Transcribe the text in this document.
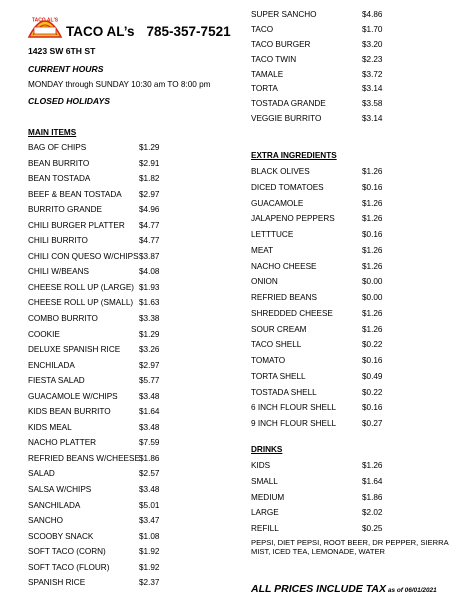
TACO AL'S
TACO AL’s 785-357-7521
1423 SW 6TH ST
CURRENT HOURS
MONDAY through SUNDAY 10:30 am TO 8:00 pm
CLOSED HOLIDAYS
MAIN ITEMS
BAG OF CHIPS	$1.29
BEAN BURRITO	$2.91
BEAN TOSTADA	$1.82
BEEF & BEAN TOSTADA $2.97
BURRITO GRANDE	$4.96
CHILI BURGER PLATTER $4.77
CHILI BURRITO	$4.77
CHILI CON QUESO W/CHIPS $3.87
CHILI W/BEANS	$4.08
CHEESE ROLL UP (LARGE) $1.93
CHEESE ROLL UP (SMALL) $1.63
COMBO BURRITO	$3.38
COOKIE	$1.29
DELUXE SPANISH RICE $3.26
ENCHILADA	$2.97
FIESTA SALAD	$5.77
GUACAMOLE W/CHIPS	$3.48
KIDS BEAN BURRITO	$1.64
KIDS MEAL	$3.48
NACHO PLATTER	$7.59
REFRIED BEANS W/CHEESE $1.86
SALAD	$2.57
SALSA W/CHIPS	$3.48
SANCHILADA	$5.01
SANCHO	$3.47
SCOOBY SNACK	$1.08
SOFT TACO (CORN)	$1.92
SOFT TACO (FLOUR)	$1.92
SPANISH RICE	$2.37
SUPER SANCHO	$4.86
TACO	$1.70
TACO BURGER	$3.20
TACO TWIN	$2.23
TAMALE	$3.72
TORTA	$3.14
TOSTADA GRANDE	$3.58
VEGGIE BURRITO	$3.14
EXTRA INGREDIENTS
BLACK OLIVES	$1.26
DICED TOMATOES	$0.16
GUACAMOLE	$1.26
JALAPENO PEPPERS	$1.26
LETTTUCE	$0.16
MEAT	$1.26
NACHO CHEESE	$1.26
ONION	$0.00
REFRIED BEANS	$0.00
SHREDDED CHEESE	$1.26
SOUR CREAM	$1.26
TACO SHELL	$0.22
TOMATO	$0.16
TORTA SHELL	$0.49
TOSTADA SHELL	$0.22
6 INCH FLOUR SHELL	$0.16
9 INCH FLOUR SHELL	$0.27
DRINKS
KIDS	$1.26
SMALL	$1.64
MEDIUM	$1.86
LARGE	$2.02
REFILL	$0.25
PEPSI, DIET PEPSI, ROOT BEER, DR PEPPER, SIERRA MIST, ICED TEA, LEMONADE, WATER
ALL PRICES INCLUDE TAX as of 06/01/2021
